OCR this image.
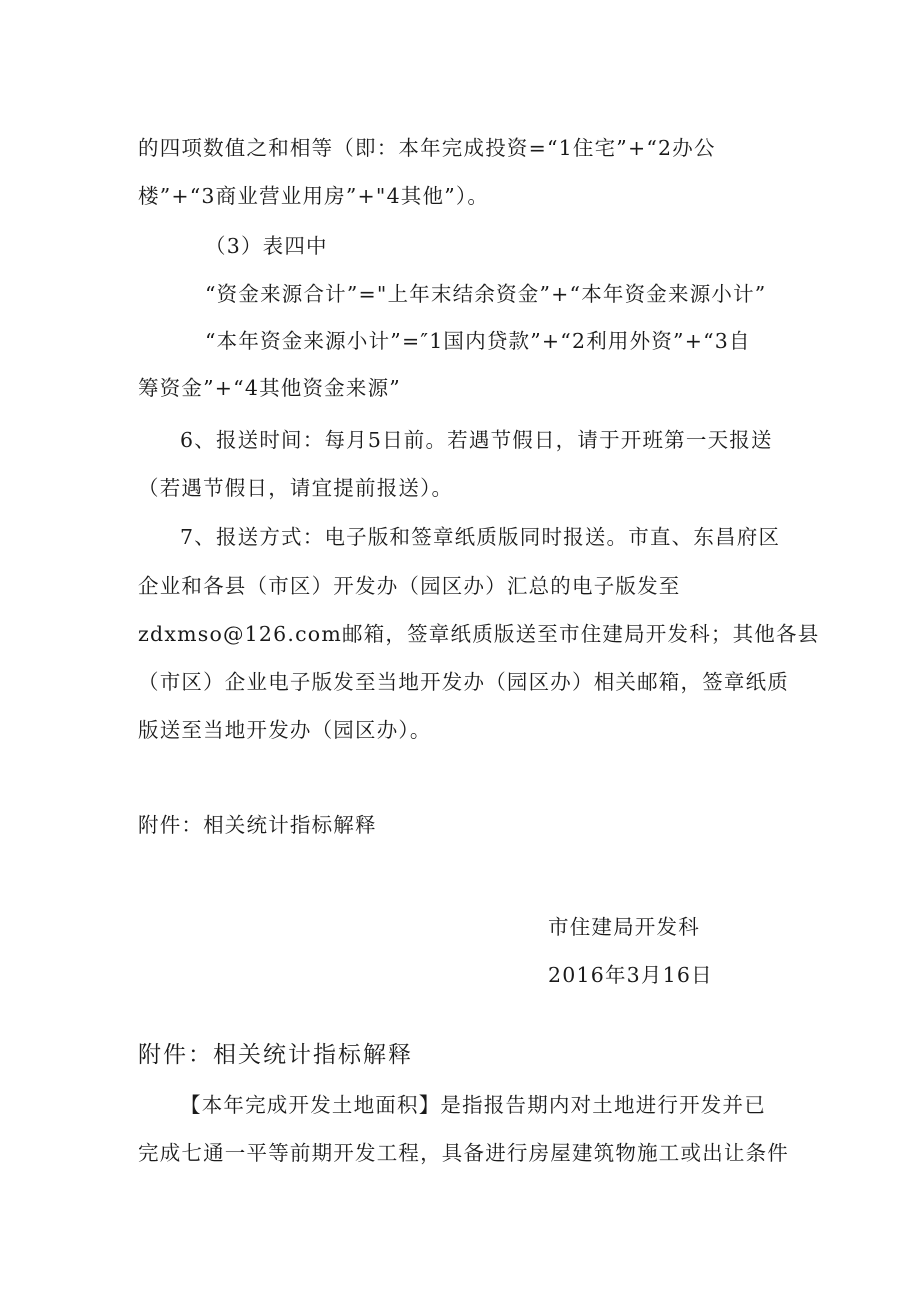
的四项数值之和相等（即：本年完成投资=“1住宅”+“2办公
楼”+“3商业营业用房”+"4其他”）。
（3）表四中
“资金来源合计”="上年末结余资金”+“本年资金来源小计”
“本年资金来源小计”=″1国内贷款”+“2利用外资”+“3自
筹资金”+“4其他资金来源”
6、报送时间：每月5日前。若遇节假日，请于开班第一天报送
（若遇节假日，请宜提前报送）。
7、报送方式：电子版和签章纸质版同时报送。市直、东昌府区
企业和各县（市区）开发办（园区办）汇总的电子版发至
zdxmso@126.com邮箱，签章纸质版送至市住建局开发科；其他各县
（市区）企业电子版发至当地开发办（园区办）相关邮箱，签章纸质
版送至当地开发办（园区办）。
附件：相关统计指标解释
市住建局开发科
2016年3月16日
附件：相关统计指标解释
【本年完成开发土地面积】是指报告期内对土地进行开发并已
完成七通一平等前期开发工程，具备进行房屋建筑物施工或出让条件
